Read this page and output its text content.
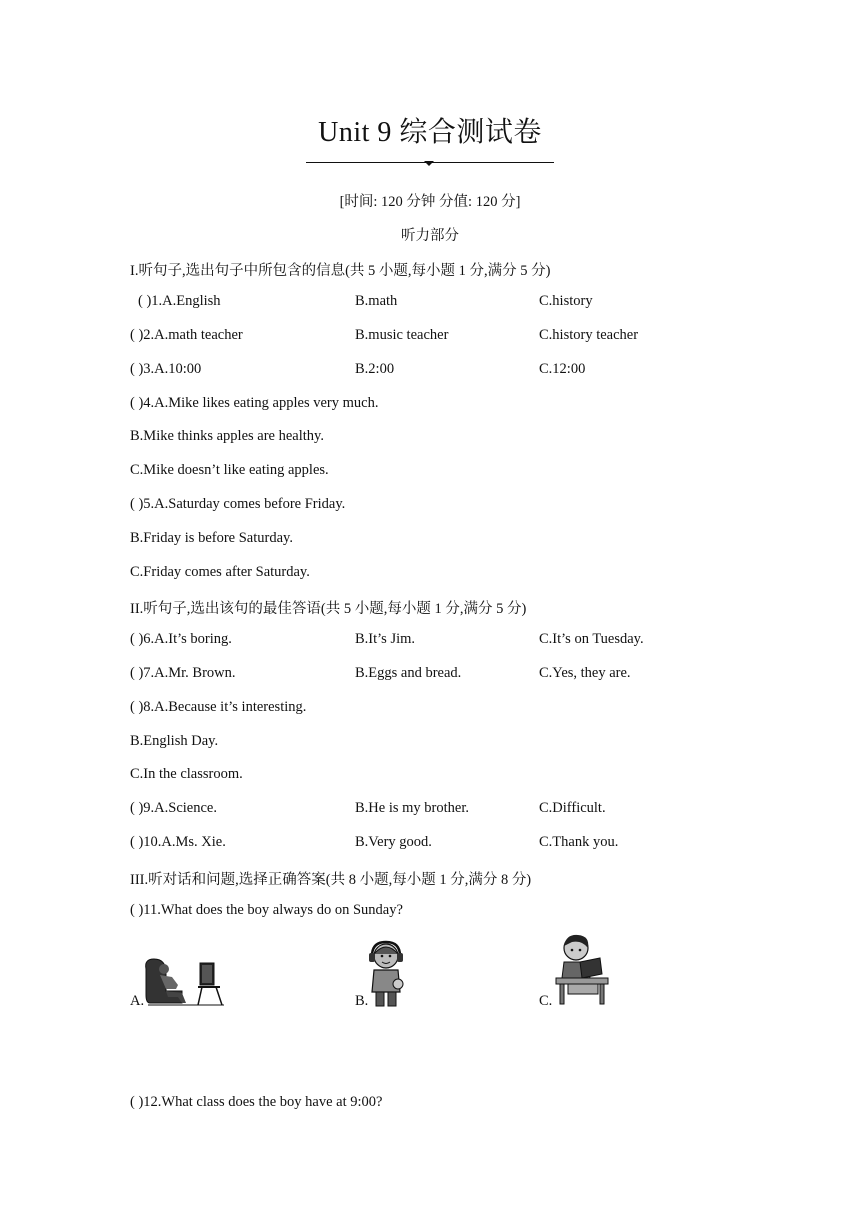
Unit 9 综合测试卷
[时间: 120 分钟 分值: 120 分]
听力部分
I.听句子,选出句子中所包含的信息(共 5 小题,每小题 1 分,满分 5 分)
( )1.A.English	B.math	C.history
( )2.A.math teacher	B.music teacher	C.history teacher
( )3.A.10:00	B.2:00	C.12:00
( )4.A.Mike likes eating apples very much.
B.Mike thinks apples are healthy.
C.Mike doesn’t like eating apples.
( )5.A.Saturday comes before Friday.
B.Friday is before Saturday.
C.Friday comes after Saturday.
II.听句子,选出该句的最佳答语(共 5 小题,每小题 1 分,满分 5 分)
( )6.A.It’s boring.	B.It’s Jim.	C.It’s on Tuesday.
( )7.A.Mr. Brown.	B.Eggs and bread.	C.Yes, they are.
( )8.A.Because it’s interesting.
B.English Day.
C.In the classroom.
( )9.A.Science.	B.He is my brother.	C.Difficult.
( )10.A.Ms. Xie.	B.Very good.	C.Thank you.
III.听对话和问题,选择正确答案(共 8 小题,每小题 1 分,满分 8 分)
( )11.What does the boy always do on Sunday?
A.	B.	C.
( )12.What class does the boy have at 9:00?
